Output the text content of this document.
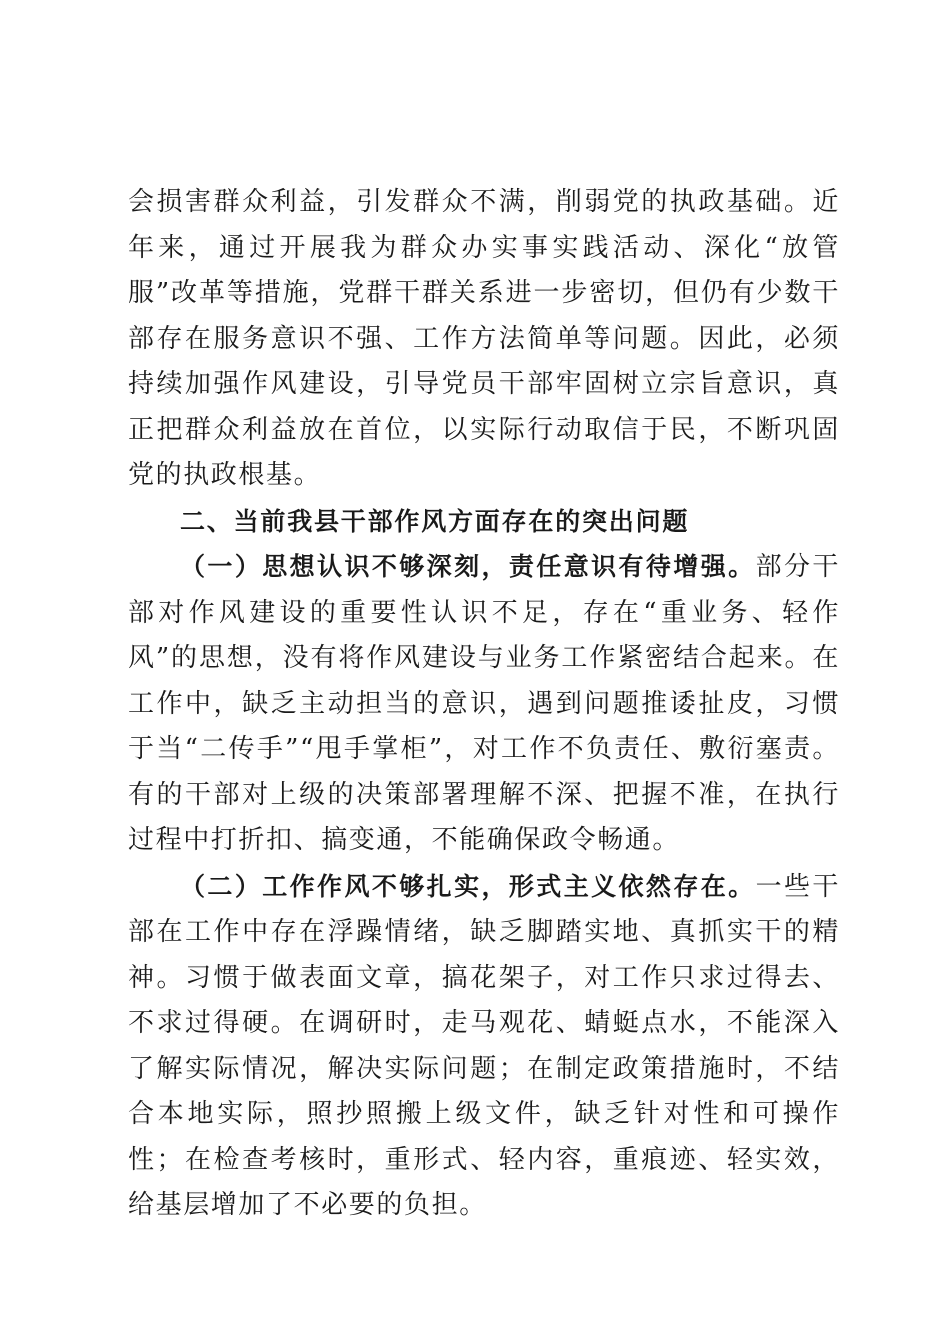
会损害群众利益，引发群众不满，削弱党的执政基础。近年来，通过开展我为群众办实事实践活动、深化“放管服”改革等措施，党群干群关系进一步密切，但仍有少数干部存在服务意识不强、工作方法简单等问题。因此，必须持续加强作风建设，引导党员干部牢固树立宗旨意识，真正把群众利益放在首位，以实际行动取信于民，不断巩固党的执政根基。

二、当前我县干部作风方面存在的突出问题

（一）思想认识不够深刻，责任意识有待增强。部分干部对作风建设的重要性认识不足，存在“重业务、轻作风”的思想，没有将作风建设与业务工作紧密结合起来。在工作中，缺乏主动担当的意识，遇到问题推诿扯皮，习惯于当“二传手”“甩手掌柜”，对工作不负责任、敷衍塞责。有的干部对上级的决策部署理解不深、把握不准，在执行过程中打折扣、搞变通，不能确保政令畅通。

（二）工作作风不够扎实，形式主义依然存在。一些干部在工作中存在浮躁情绪，缺乏脚踏实地、真抓实干的精神。习惯于做表面文章，搞花架子，对工作只求过得去、不求过得硬。在调研时，走马观花、蜻蜓点水，不能深入了解实际情况，解决实际问题；在制定政策措施时，不结合本地实际，照抄照搬上级文件，缺乏针对性和可操作性；在检查考核时，重形式、轻内容，重痕迹、轻实效，给基层增加了不必要的负担。
